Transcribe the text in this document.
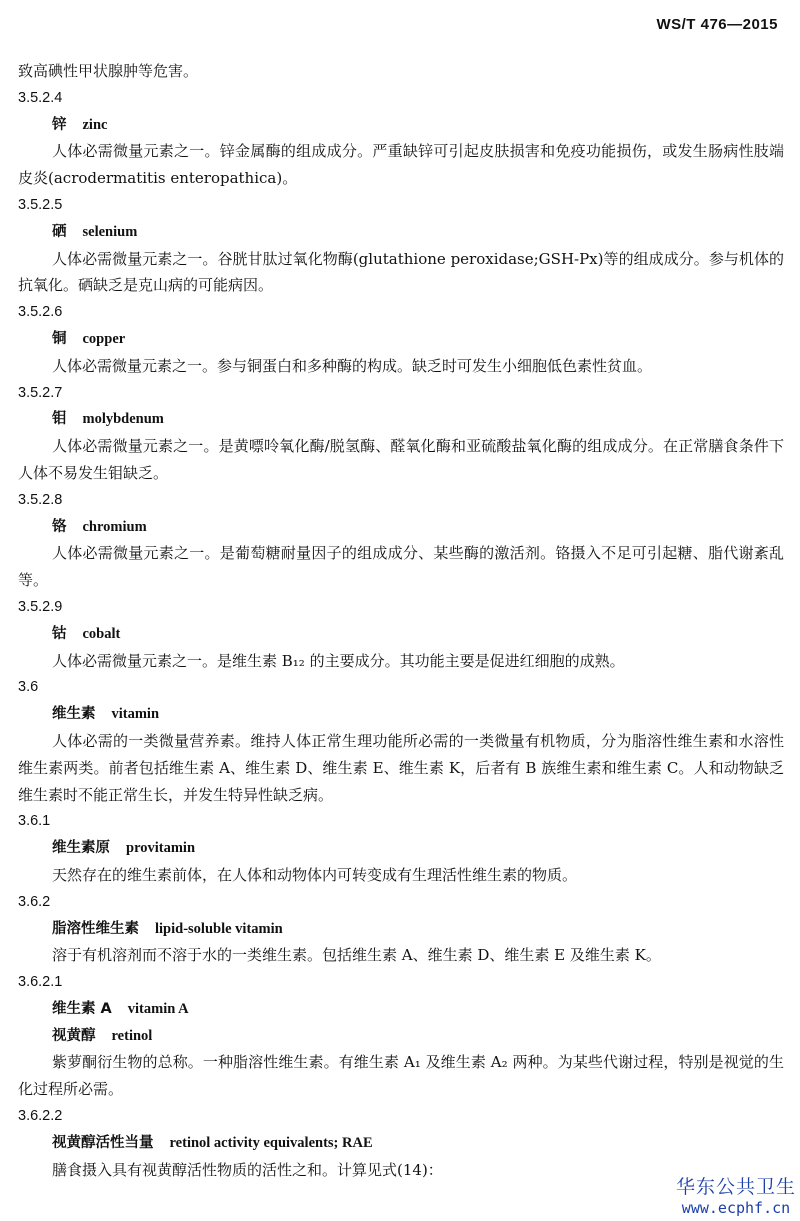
WS/T 476—2015
致高碘性甲状腺肿等危害。
3.5.2.4
锌 zinc
人体必需微量元素之一。锌金属酶的组成成分。严重缺锌可引起皮肤损害和免疫功能损伤，或发生肠病性肢端皮炎(acrodermatitis enteropathica)。
3.5.2.5
硒 selenium
人体必需微量元素之一。谷胱甘肽过氧化物酶(glutathione peroxidase;GSH-Px)等的组成成分。参与机体的抗氧化。硒缺乏是克山病的可能病因。
3.5.2.6
铜 copper
人体必需微量元素之一。参与铜蛋白和多种酶的构成。缺乏时可发生小细胞低色素性贫血。
3.5.2.7
钼 molybdenum
人体必需微量元素之一。是黄嘌呤氧化酶/脱氢酶、醛氧化酶和亚硫酸盐氧化酶的组成成分。在正常膳食条件下人体不易发生钼缺乏。
3.5.2.8
铬 chromium
人体必需微量元素之一。是葡萄糖耐量因子的组成成分、某些酶的激活剂。铬摄入不足可引起糖、脂代谢紊乱等。
3.5.2.9
钴 cobalt
人体必需微量元素之一。是维生素 B₁₂ 的主要成分。其功能主要是促进红细胞的成熟。
3.6
维生素 vitamin
人体必需的一类微量营养素。维持人体正常生理功能所必需的一类微量有机物质，分为脂溶性维生素和水溶性维生素两类。前者包括维生素 A、维生素 D、维生素 E、维生素 K，后者有 B 族维生素和维生素 C。人和动物缺乏维生素时不能正常生长，并发生特异性缺乏病。
3.6.1
维生素原 provitamin
天然存在的维生素前体，在人体和动物体内可转变成有生理活性维生素的物质。
3.6.2
脂溶性维生素 lipid-soluble vitamin
溶于有机溶剂而不溶于水的一类维生素。包括维生素 A、维生素 D、维生素 E 及维生素 K。
3.6.2.1
维生素 A vitamin A
视黄醇 retinol
紫萝酮衍生物的总称。一种脂溶性维生素。有维生素 A₁ 及维生素 A₂ 两种。为某些代谢过程，特别是视觉的生化过程所必需。
3.6.2.2
视黄醇活性当量 retinol activity equivalents; RAE
膳食摄入具有视黄醇活性物质的活性之和。计算见式(14)：
华东公共卫生
www.ecphf.cn
